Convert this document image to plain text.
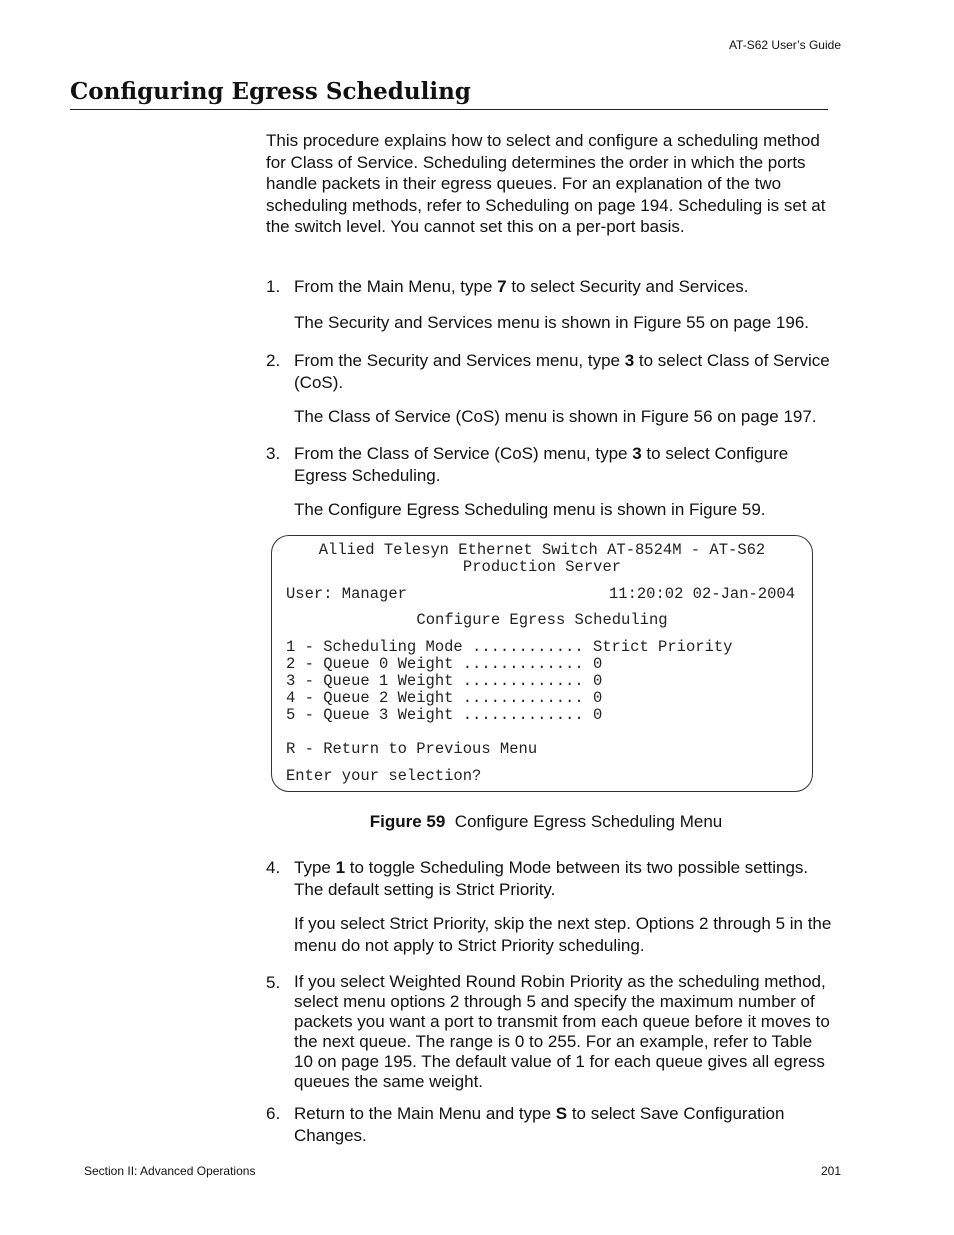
AT-S62 User’s Guide
Configuring Egress Scheduling
This procedure explains how to select and configure a scheduling method for Class of Service. Scheduling determines the order in which the ports handle packets in their egress queues. For an explanation of the two scheduling methods, refer to Scheduling on page 194. Scheduling is set at the switch level. You cannot set this on a per-port basis.
1. From the Main Menu, type 7 to select Security and Services.
The Security and Services menu is shown in Figure 55 on page 196.
2. From the Security and Services menu, type 3 to select Class of Service (CoS).
The Class of Service (CoS) menu is shown in Figure 56 on page 197.
3. From the Class of Service (CoS) menu, type 3 to select Configure Egress Scheduling.
The Configure Egress Scheduling menu is shown in Figure 59.
Allied Telesyn Ethernet Switch AT-8524M - AT-S62
Production Server
User: Manager	11:20:02 02-Jan-2004
Configure Egress Scheduling
1 - Scheduling Mode ............ Strict Priority
2 - Queue 0 Weight ............. 0
3 - Queue 1 Weight ............. 0
4 - Queue 2 Weight ............. 0
5 - Queue 3 Weight ............. 0
R - Return to Previous Menu
Enter your selection?
Figure 59 Configure Egress Scheduling Menu
4. Type 1 to toggle Scheduling Mode between its two possible settings. The default setting is Strict Priority.
If you select Strict Priority, skip the next step. Options 2 through 5 in the menu do not apply to Strict Priority scheduling.
5. If you select Weighted Round Robin Priority as the scheduling method, select menu options 2 through 5 and specify the maximum number of packets you want a port to transmit from each queue before it moves to the next queue. The range is 0 to 255. For an example, refer to Table 10 on page 195. The default value of 1 for each queue gives all egress queues the same weight.
6. Return to the Main Menu and type S to select Save Configuration Changes.
Section II: Advanced Operations	201
